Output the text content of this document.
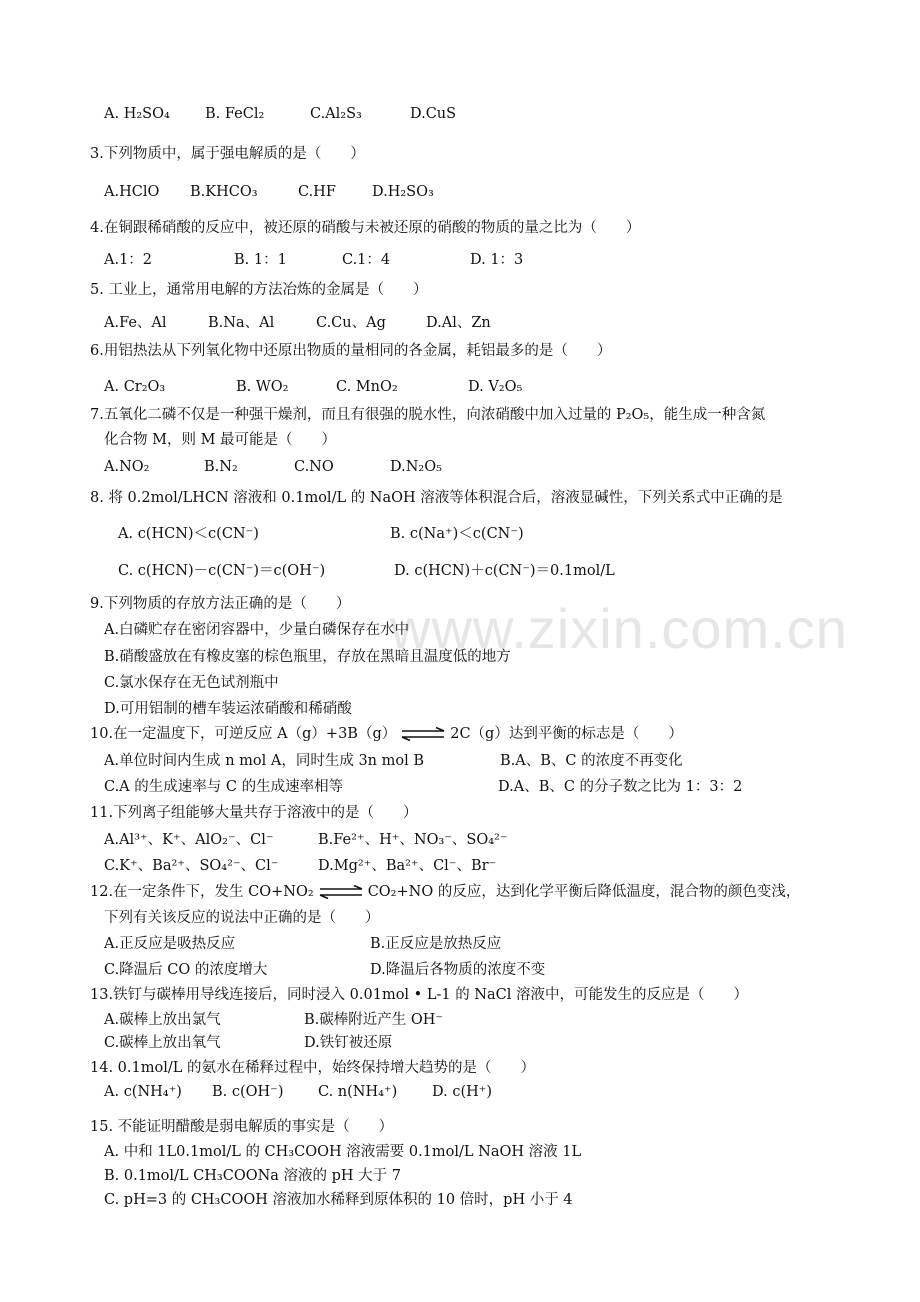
www.zixin.com.cn
A. H₂SO₄ B. FeCl₂	C.Al₂S₃	D.CuS
3.下列物质中，属于强电解质的是（　　）
A.HClO B.KHCO₃	C.HF D.H₂SO₃
4.在铜跟稀硝酸的反应中，被还原的硝酸与未被还原的硝酸的物质的量之比为（　　）
A.1：2	B. 1：1	C.1：4	D. 1：3
5. 工业上，通常用电解的方法冶炼的金属是（　　）
A.Fe、Al	B.Na、Al	C.Cu、Ag	D.Al、Zn
6.用铝热法从下列氧化物中还原出物质的量相同的各金属，耗铝最多的是（　　）
A. Cr₂O₃	B. WO₂	C. MnO₂	D. V₂O₅
7.五氧化二磷不仅是一种强干燥剂，而且有很强的脱水性，向浓硝酸中加入过量的 P₂O₅，能生成一种含氮
化合物 M，则 M 最可能是（　　）
A.NO₂	B.N₂	C.NO	D.N₂O₅
8. 将 0.2mol/LHCN 溶液和 0.1mol/L 的 NaOH 溶液等体积混合后，溶液显碱性，下列关系式中正确的是
A. c(HCN)＜c(CN⁻)	B. c(Na⁺)＜c(CN⁻)
C. c(HCN)－c(CN⁻)＝c(OH⁻)	D. c(HCN)＋c(CN⁻)＝0.1mol/L
9.下列物质的存放方法正确的是（　　）
A.白磷贮存在密闭容器中，少量白磷保存在水中
B.硝酸盛放在有橡皮塞的棕色瓶里，存放在黑暗且温度低的地方
C.氯水保存在无色试剂瓶中
D.可用铝制的槽车装运浓硝酸和稀硝酸
10.在一定温度下，可逆反应 A（g）+3B（g） ⇌ 2C（g）达到平衡的标志是（　　）
A.单位时间内生成 n mol A，同时生成 3n mol B	B.A、B、C 的浓度不再变化
C.A 的生成速率与 C 的生成速率相等	D.A、B、C 的分子数之比为 1：3：2
11.下列离子组能够大量共存于溶液中的是（　　）
A.Al³⁺、K⁺、AlO₂⁻、Cl⁻	B.Fe²⁺、H⁺、NO₃⁻、SO₄²⁻
C.K⁺、Ba²⁺、SO₄²⁻、Cl⁻	D.Mg²⁺、Ba²⁺、Cl⁻、Br⁻
12.在一定条件下，发生 CO+NO₂ ⇌ CO₂+NO 的反应，达到化学平衡后降低温度，混合物的颜色变浅，
下列有关该反应的说法中正确的是（　　）
A.正反应是吸热反应	B.正反应是放热反应
C.降温后 CO 的浓度增大	D.降温后各物质的浓度不变
13.铁钉与碳棒用导线连接后，同时浸入 0.01mol • L-1 的 NaCl 溶液中，可能发生的反应是（　　）
A.碳棒上放出氯气	B.碳棒附近产生 OH⁻
C.碳棒上放出氧气	D.铁钉被还原
14. 0.1mol/L 的氨水在稀释过程中，始终保持增大趋势的是（　　）
A. c(NH₄⁺) B. c(OH⁻) C. n(NH₄⁺) D. c(H⁺)
15. 不能证明醋酸是弱电解质的事实是（　　）
A. 中和 1L0.1mol/L 的 CH₃COOH 溶液需要 0.1mol/L NaOH 溶液 1L
B. 0.1mol/L CH₃COONa 溶液的 pH 大于 7
C. pH=3 的 CH₃COOH 溶液加水稀释到原体积的 10 倍时，pH 小于 4
